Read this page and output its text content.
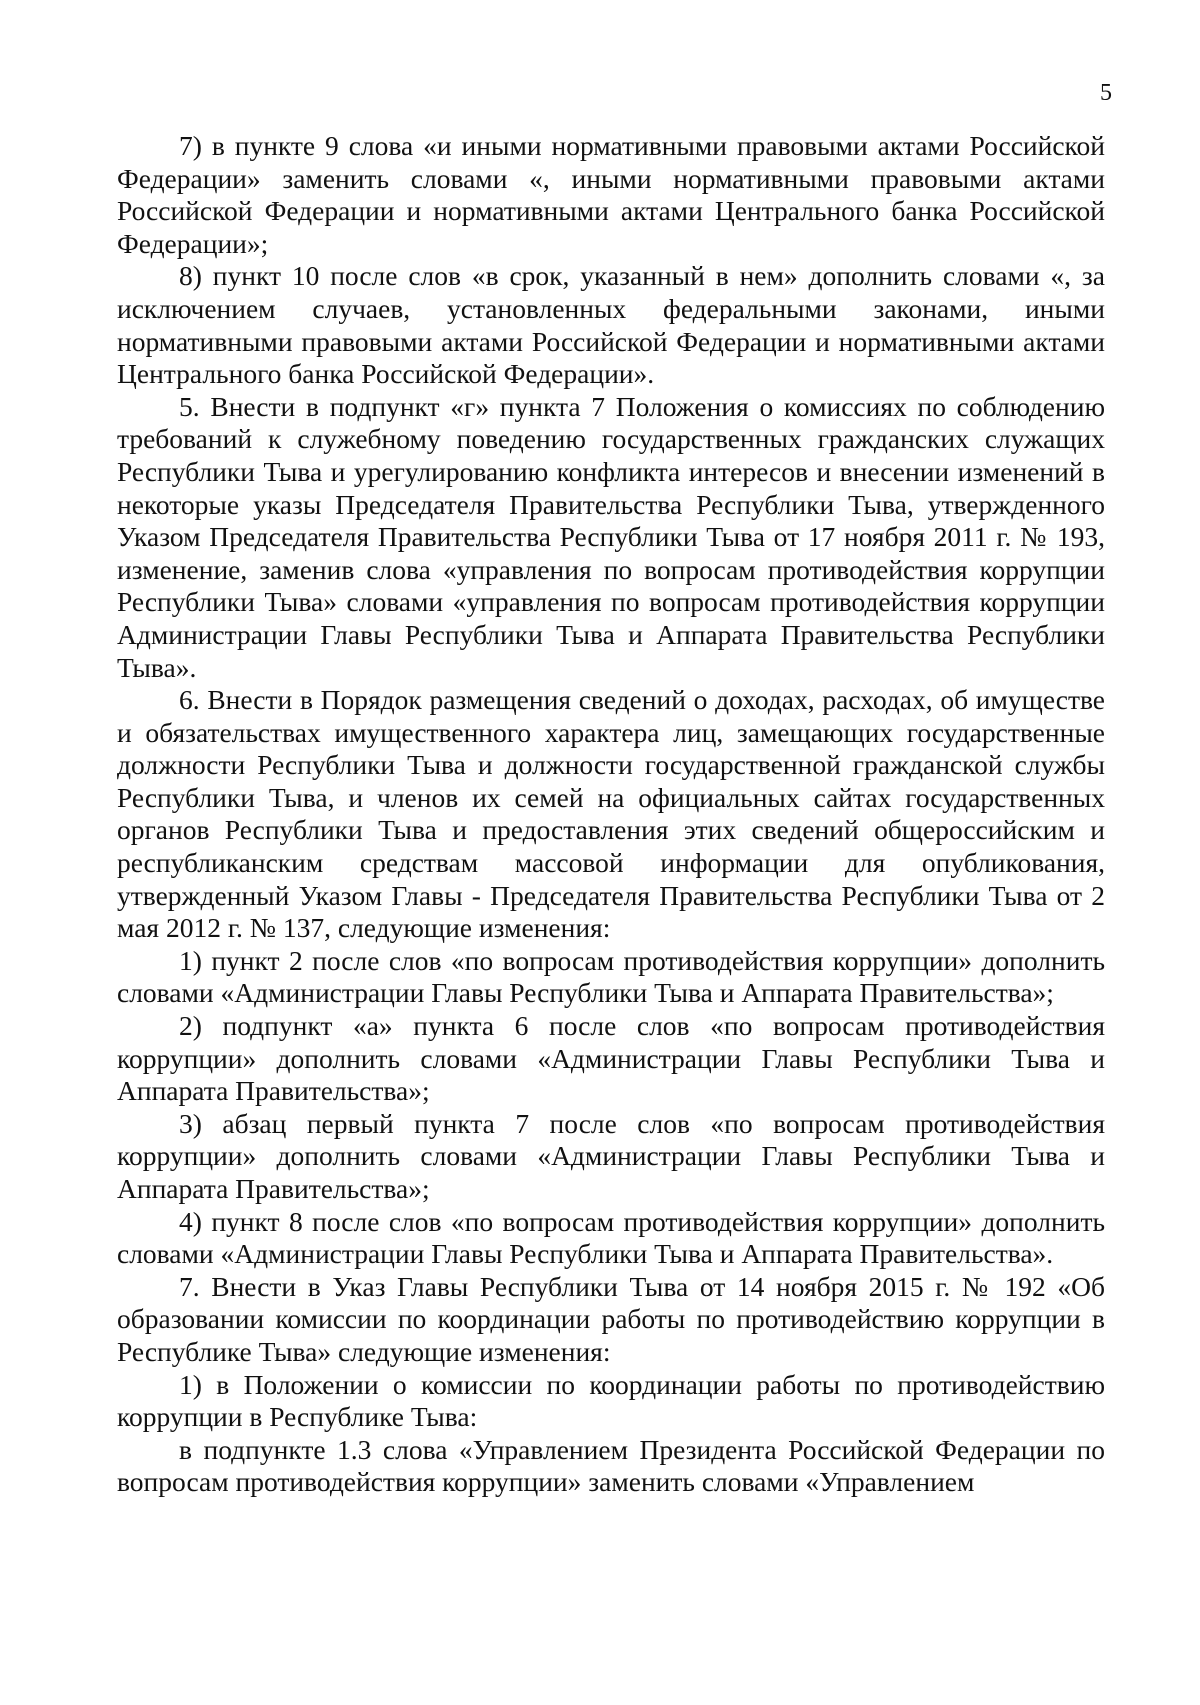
5

7) в пункте 9 слова «и иными нормативными правовыми актами Российской Федерации» заменить словами «, иными нормативными правовыми актами Российской Федерации и нормативными актами Центрального банка Российской Федерации»;

8) пункт 10 после слов «в срок, указанный в нем» дополнить словами «, за исключением случаев, установленных федеральными законами, иными нормативными правовыми актами Российской Федерации и нормативными актами Центрального банка Российской Федерации».

5. Внести в подпункт «г» пункта 7 Положения о комиссиях по соблюдению требований к служебному поведению государственных гражданских служащих Республики Тыва и урегулированию конфликта интересов и внесении изменений в некоторые указы Председателя Правительства Республики Тыва, утвержденного Указом Председателя Правительства Республики Тыва от 17 ноября 2011 г. № 193, изменение, заменив слова «управления по вопросам противодействия коррупции Республики Тыва» словами «управления по вопросам противодействия коррупции Администрации Главы Республики Тыва и Аппарата Правительства Республики Тыва».

6. Внести в Порядок размещения сведений о доходах, расходах, об имуществе и обязательствах имущественного характера лиц, замещающих государственные должности Республики Тыва и должности государственной гражданской службы Республики Тыва, и членов их семей на официальных сайтах государственных органов Республики Тыва и предоставления этих сведений общероссийским и республиканским средствам массовой информации для опубликования, утвержденный Указом Главы - Председателя Правительства Республики Тыва от 2 мая 2012 г. № 137, следующие изменения:

1) пункт 2 после слов «по вопросам противодействия коррупции» дополнить словами «Администрации Главы Республики Тыва и Аппарата Правительства»;

2) подпункт «а» пункта 6 после слов «по вопросам противодействия коррупции» дополнить словами «Администрации Главы Республики Тыва и Аппарата Правительства»;

3) абзац первый пункта 7 после слов «по вопросам противодействия коррупции» дополнить словами «Администрации Главы Республики Тыва и Аппарата Правительства»;

4) пункт 8 после слов «по вопросам противодействия коррупции» дополнить словами «Администрации Главы Республики Тыва и Аппарата Правительства».

7. Внести в Указ Главы Республики Тыва от 14 ноября 2015 г. № 192 «Об образовании комиссии по координации работы по противодействию коррупции в Республике Тыва» следующие изменения:

1) в Положении о комиссии по координации работы по противодействию коррупции в Республике Тыва:

в подпункте 1.3 слова «Управлением Президента Российской Федерации по вопросам противодействия коррупции» заменить словами «Управлением
